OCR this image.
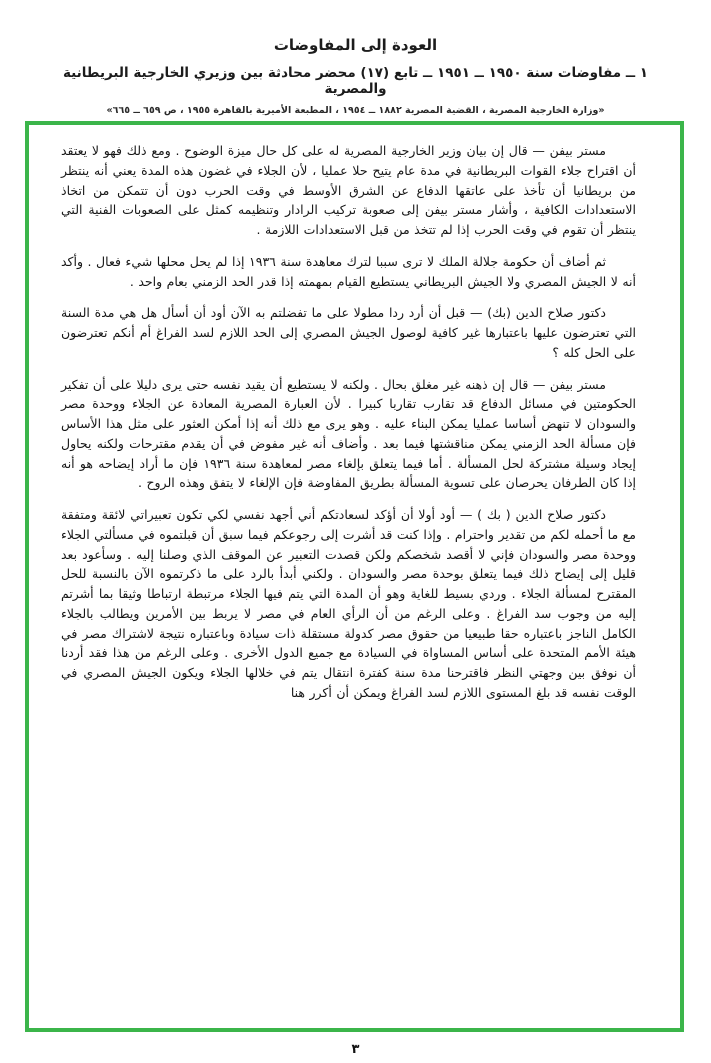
العودة إلى المفاوضات
١ ــ مفاوضات سنة ١٩٥٠ ــ ١٩٥١ ــ تابع (١٧) محضر محادثة بين وزيري الخارجية البريطانية والمصرية
«وزارة الخارجية المصرية ، القضية المصرية ١٨٨٢ ــ ١٩٥٤ ، المطبعة الأميرية بالقاهرة ١٩٥٥ ، ص ٦٥٩ ــ ٦٦٥»

مستر بيفن — قال إن بيان وزير الخارجية المصرية له على كل حال ميزة الوضوح . ومع ذلك فهو لا يعتقد أن اقتراح جلاء القوات البريطانية في مدة عام يتيح حلا عمليا ، لأن الجلاء في غضون هذه المدة يعني أنه ينتظر من بريطانيا أن تأخذ على عاتقها الدفاع عن الشرق الأوسط في وقت الحرب دون أن تتمكن من اتخاذ الاستعدادات الكافية ، وأشار مستر بيفن إلى صعوبة تركيب الرادار وتنظيمه كمثل على الصعوبات الفنية التي ينتظر أن تقوم في وقت الحرب إذا لم تتخذ من قبل الاستعدادات اللازمة .

ثم أضاف أن حكومة جلالة الملك لا ترى سببا لترك معاهدة سنة ١٩٣٦ إذا لم يحل محلها شيء فعال . وأكد أنه لا الجيش المصري ولا الجيش البريطاني يستطيع القيام بمهمته إذا قدر الحد الزمني بعام واحد .

دكتور صلاح الدين (بك) — قبل أن أرد ردا مطولا على ما تفضلتم به الآن أود أن أسأل هل هي مدة السنة التي تعترضون عليها باعتبارها غير كافية لوصول الجيش المصري إلى الحد اللازم لسد الفراغ أم أنكم تعترضون على الحل كله ؟

مستر بيفن — قال إن ذهنه غير مغلق بحال . ولكنه لا يستطيع أن يقيد نفسه حتى يرى دليلا على أن تفكير الحكومتين في مسائل الدفاع قد تقارب تقاربا كبيرا . لأن العبارة المصرية المعادة عن الجلاء ووحدة مصر والسودان لا تنهض أساسا عمليا يمكن البناء عليه . وهو يرى مع ذلك أنه إذا أمكن العثور على مثل هذا الأساس فإن مسألة الحد الزمني يمكن مناقشتها فيما بعد . وأضاف أنه غير مفوض في أن يقدم مقترحات ولكنه يحاول إيجاد وسيلة مشتركة لحل المسألة . أما فيما يتعلق بإلغاء مصر لمعاهدة سنة ١٩٣٦ فإن ما أراد إيضاحه هو أنه إذا كان الطرفان يحرصان على تسوية المسألة بطريق المفاوضة فإن الإلغاء لا يتفق وهذه الروح .

دكتور صلاح الدين ( بك ) — أود أولا أن أؤكد لسعادتكم أني أجهد نفسي لكي تكون تعبيراتي لائقة ومتفقة مع ما أحمله لكم من تقدير واحترام . وإذا كنت قد أشرت إلى رجوعكم فيما سبق أن قبلتموه في مسألتي الجلاء ووحدة مصر والسودان فإني لا أقصد شخصكم ولكن قصدت التعبير عن الموقف الذي وصلنا إليه . وسأعود بعد قليل إلى إيضاح ذلك فيما يتعلق بوحدة مصر والسودان . ولكني أبدأ بالرد على ما ذكرتموه الآن بالنسبة للحل المقترح لمسألة الجلاء . وردي بسيط للغاية وهو أن المدة التي يتم فيها الجلاء مرتبطة ارتباطا وثيقا بما أشرتم إليه من وجوب سد الفراغ . وعلى الرغم من أن الرأي العام في مصر لا يربط بين الأمرين ويطالب بالجلاء الكامل الناجز باعتباره حقا طبيعيا من حقوق مصر كدولة مستقلة ذات سيادة وباعتباره نتيجة لاشتراك مصر في هيئة الأمم المتحدة على أساس المساواة في السيادة مع جميع الدول الأخرى . وعلى الرغم من هذا فقد أردنا أن نوفق بين وجهتي النظر فاقترحنا مدة سنة كفترة انتقال يتم في خلالها الجلاء ويكون الجيش المصري في الوقت نفسه قد بلغ المستوى اللازم لسد الفراغ ويمكن أن أكرر هنا

٣
